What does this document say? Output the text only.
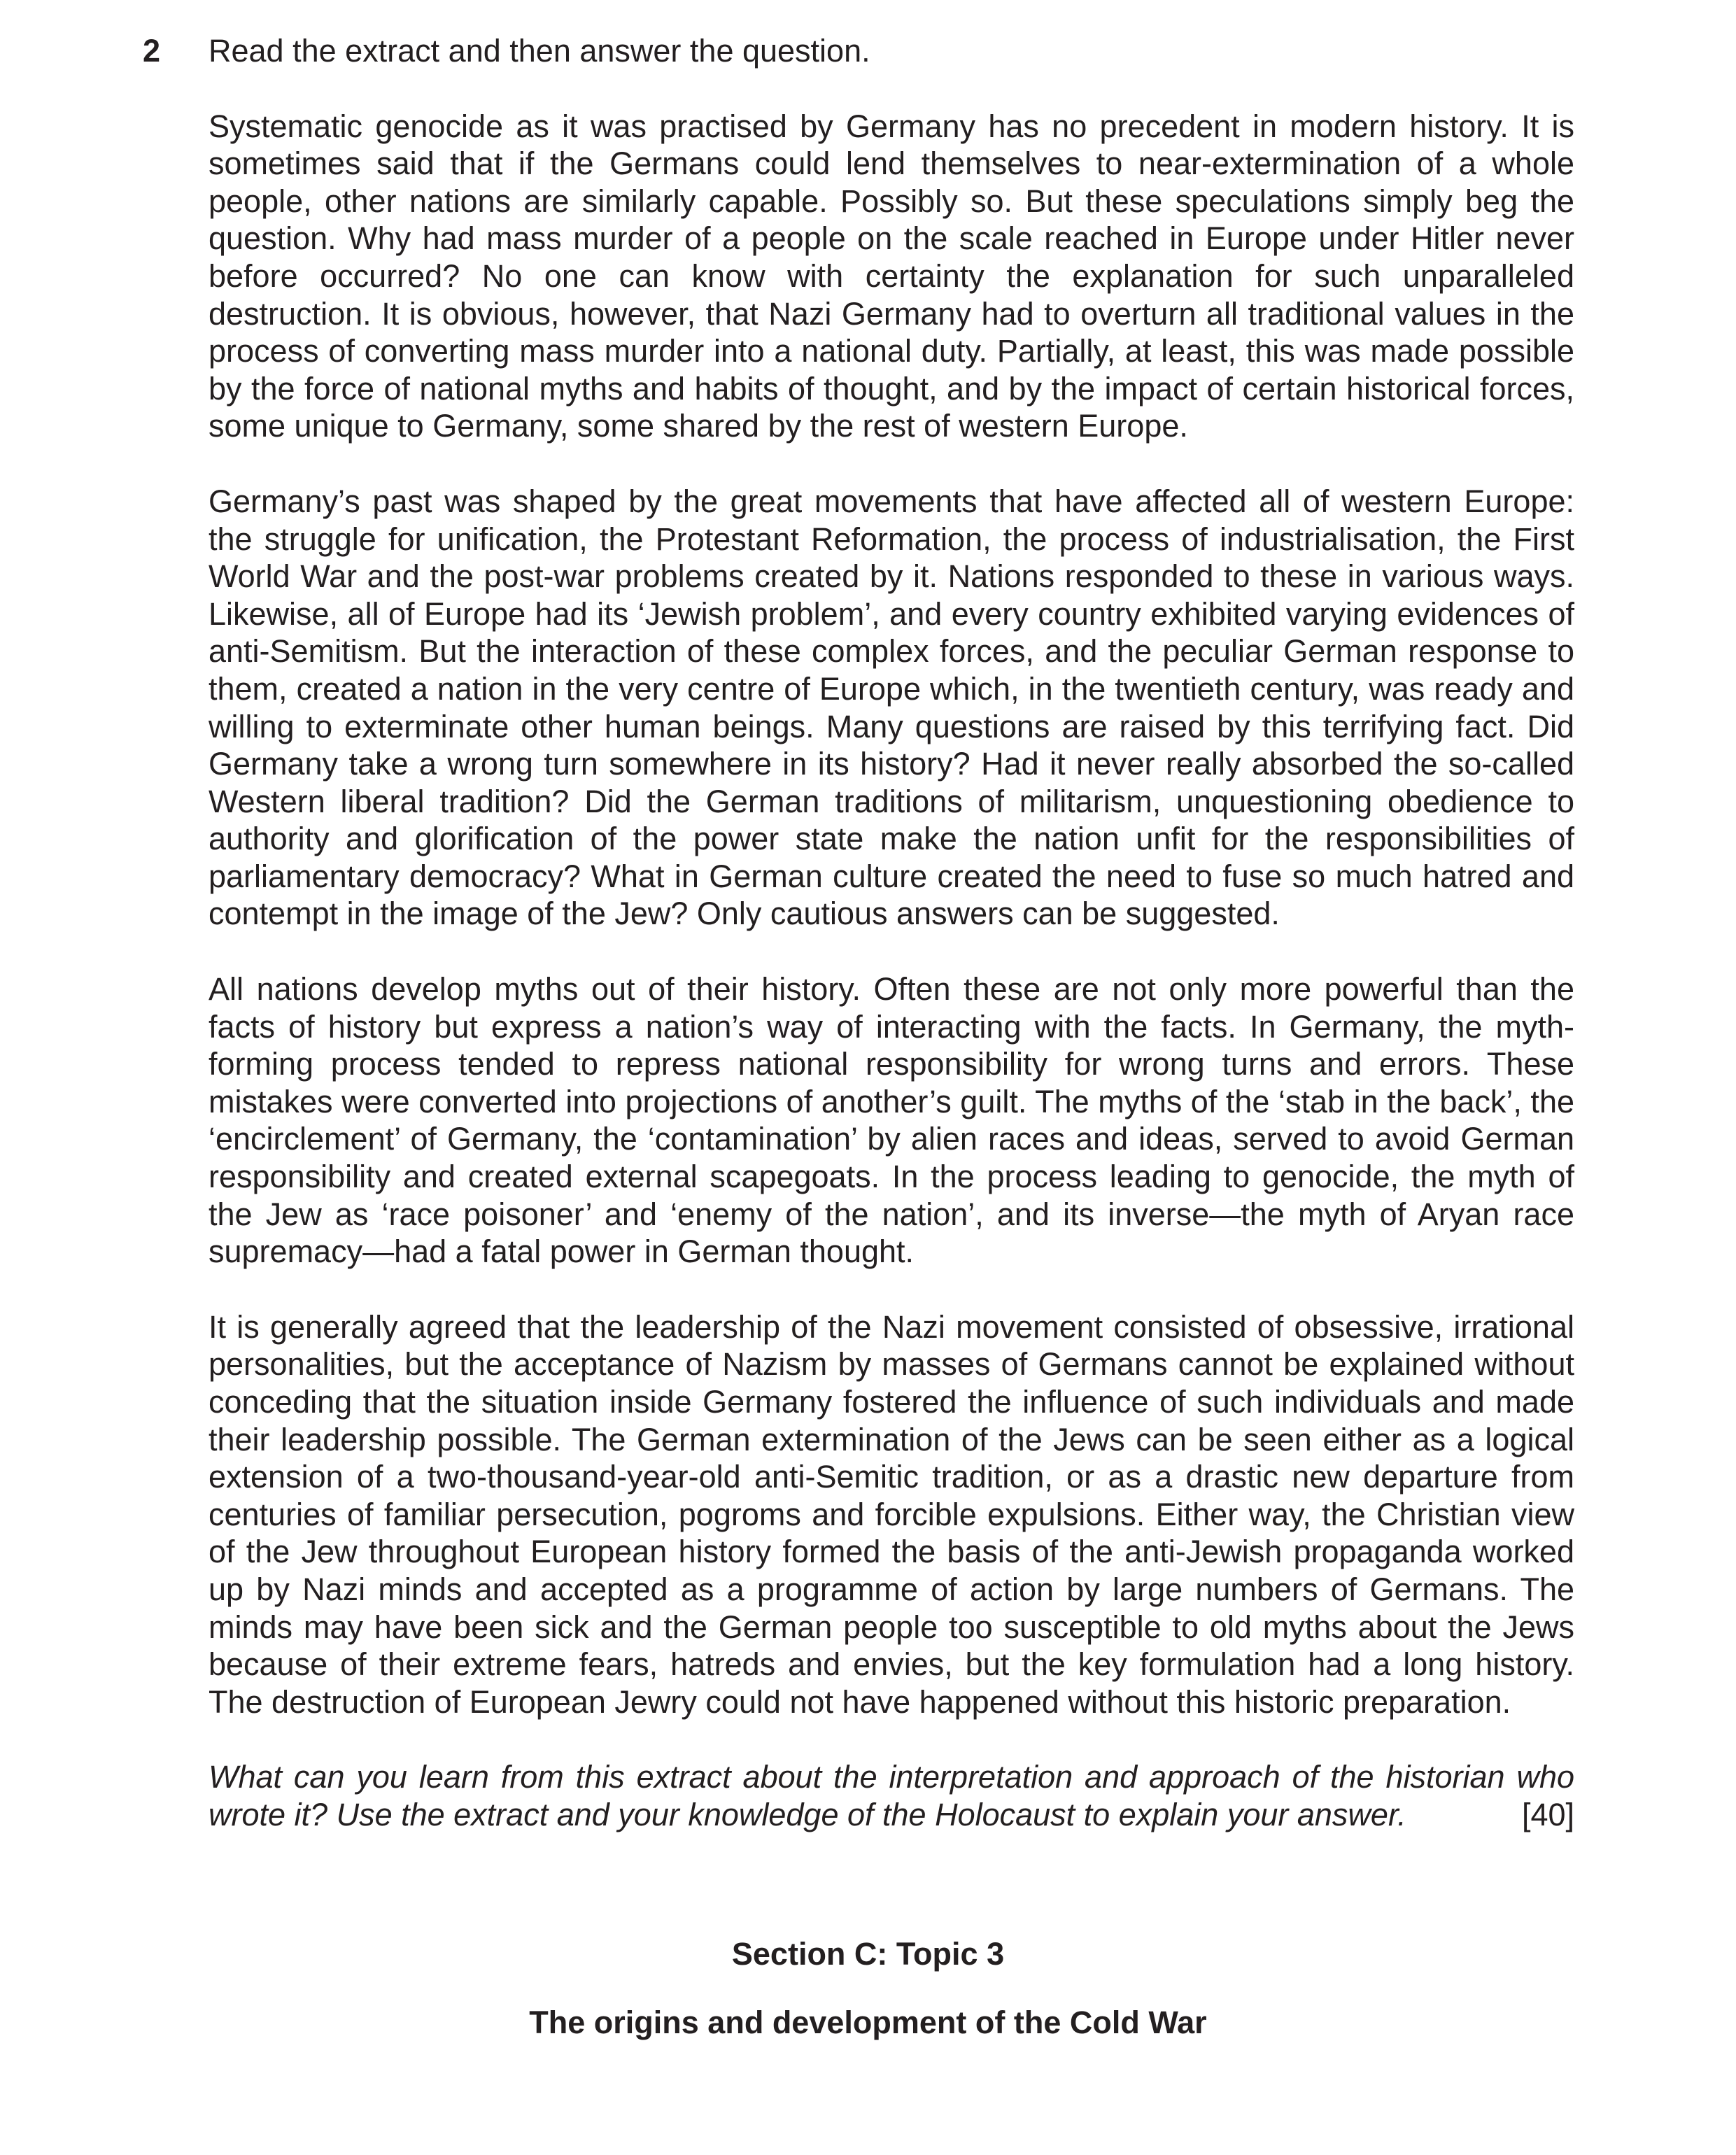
2 Read the extract and then answer the question.

Systematic genocide as it was practised by Germany has no precedent in modern history. It is sometimes said that if the Germans could lend themselves to near-extermination of a whole people, other nations are similarly capable. Possibly so. But these speculations simply beg the question. Why had mass murder of a people on the scale reached in Europe under Hitler never before occurred? No one can know with certainty the explanation for such unparalleled destruction. It is obvious, however, that Nazi Germany had to overturn all traditional values in the process of converting mass murder into a national duty. Partially, at least, this was made possible by the force of national myths and habits of thought, and by the impact of certain historical forces, some unique to Germany, some shared by the rest of western Europe.

Germany’s past was shaped by the great movements that have affected all of western Europe: the struggle for unification, the Protestant Reformation, the process of industrialisation, the First World War and the post-war problems created by it. Nations responded to these in various ways. Likewise, all of Europe had its ‘Jewish problem’, and every country exhibited varying evidences of anti-Semitism. But the interaction of these complex forces, and the peculiar German response to them, created a nation in the very centre of Europe which, in the twentieth century, was ready and willing to exterminate other human beings. Many questions are raised by this terrifying fact. Did Germany take a wrong turn somewhere in its history? Had it never really absorbed the so-called Western liberal tradition? Did the German traditions of militarism, unquestioning obedience to authority and glorification of the power state make the nation unfit for the responsibilities of parliamentary democracy? What in German culture created the need to fuse so much hatred and contempt in the image of the Jew? Only cautious answers can be suggested.

All nations develop myths out of their history. Often these are not only more powerful than the facts of history but express a nation’s way of interacting with the facts. In Germany, the myth-forming process tended to repress national responsibility for wrong turns and errors. These mistakes were converted into projections of another’s guilt. The myths of the ‘stab in the back’, the ‘encirclement’ of Germany, the ‘contamination’ by alien races and ideas, served to avoid German responsibility and created external scapegoats. In the process leading to genocide, the myth of the Jew as ‘race poisoner’ and ‘enemy of the nation’, and its inverse—the myth of Aryan race supremacy—had a fatal power in German thought.

It is generally agreed that the leadership of the Nazi movement consisted of obsessive, irrational personalities, but the acceptance of Nazism by masses of Germans cannot be explained without conceding that the situation inside Germany fostered the influence of such individuals and made their leadership possible. The German extermination of the Jews can be seen either as a logical extension of a two-thousand-year-old anti-Semitic tradition, or as a drastic new departure from centuries of familiar persecution, pogroms and forcible expulsions. Either way, the Christian view of the Jew throughout European history formed the basis of the anti-Jewish propaganda worked up by Nazi minds and accepted as a programme of action by large numbers of Germans. The minds may have been sick and the German people too susceptible to old myths about the Jews because of their extreme fears, hatreds and envies, but the key formulation had a long history. The destruction of European Jewry could not have happened without this historic preparation.

What can you learn from this extract about the interpretation and approach of the historian who wrote it? Use the extract and your knowledge of the Holocaust to explain your answer.	[40]

Section C: Topic 3
The origins and development of the Cold War
